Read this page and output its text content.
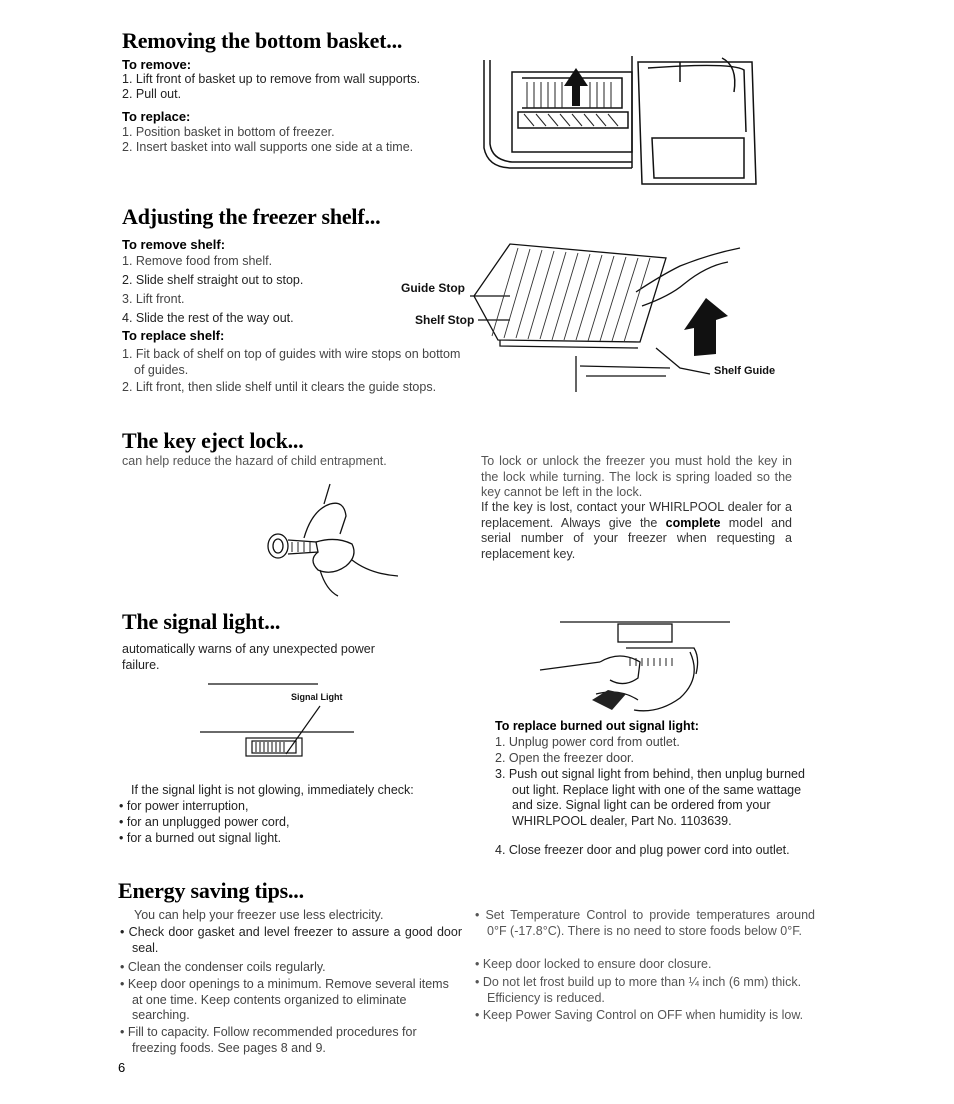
Removing the bottom basket...
To remove:
1. Lift front of basket up to remove from wall supports.
2. Pull out.
To replace:
1. Position basket in bottom of freezer.
2. Insert basket into wall supports one side at a time.
Adjusting the freezer shelf...
To remove shelf:
1. Remove food from shelf.
2. Slide shelf straight out to stop.
3. Lift front.
4. Slide the rest of the way out.
To replace shelf:
1. Fit back of shelf on top of guides with wire stops on bottom of guides.
2. Lift front, then slide shelf until it clears the guide stops.
Guide Stop
Shelf Stop
Shelf Guide
The key eject lock...
can help reduce the hazard of child entrapment.	To lock or unlock the freezer you must hold the key in the lock while turning. The lock is spring loaded so the key cannot be left in the lock.
If the key is lost, contact your WHIRLPOOL dealer for a replacement. Always give the complete model and serial number of your freezer when requesting a replacement key.
The signal light...
automatically warns of any unexpected power failure.
Signal Light
If the signal light is not glowing, immediately check:
• for power interruption,
• for an unplugged power cord,
• for a burned out signal light.
To replace burned out signal light:
1. Unplug power cord from outlet.
2. Open the freezer door.
3. Push out signal light from behind, then unplug burned out light. Replace light with one of the same wattage and size. Signal light can be ordered from your WHIRLPOOL dealer, Part No. 1103639.
4. Close freezer door and plug power cord into outlet.
Energy saving tips...
You can help your freezer use less electricity.
• Check door gasket and level freezer to assure a good door seal.
• Clean the condenser coils regularly.
• Keep door openings to a minimum. Remove several items at one time. Keep contents organized to eliminate searching.
• Fill to capacity. Follow recommended procedures for freezing foods. See pages 8 and 9.
• Set Temperature Control to provide temperatures around 0°F (-17.8°C). There is no need to store foods below 0°F.
• Keep door locked to ensure door closure.
• Do not let frost build up to more than ¼ inch (6 mm) thick. Efficiency is reduced.
• Keep Power Saving Control on OFF when humidity is low.
6
